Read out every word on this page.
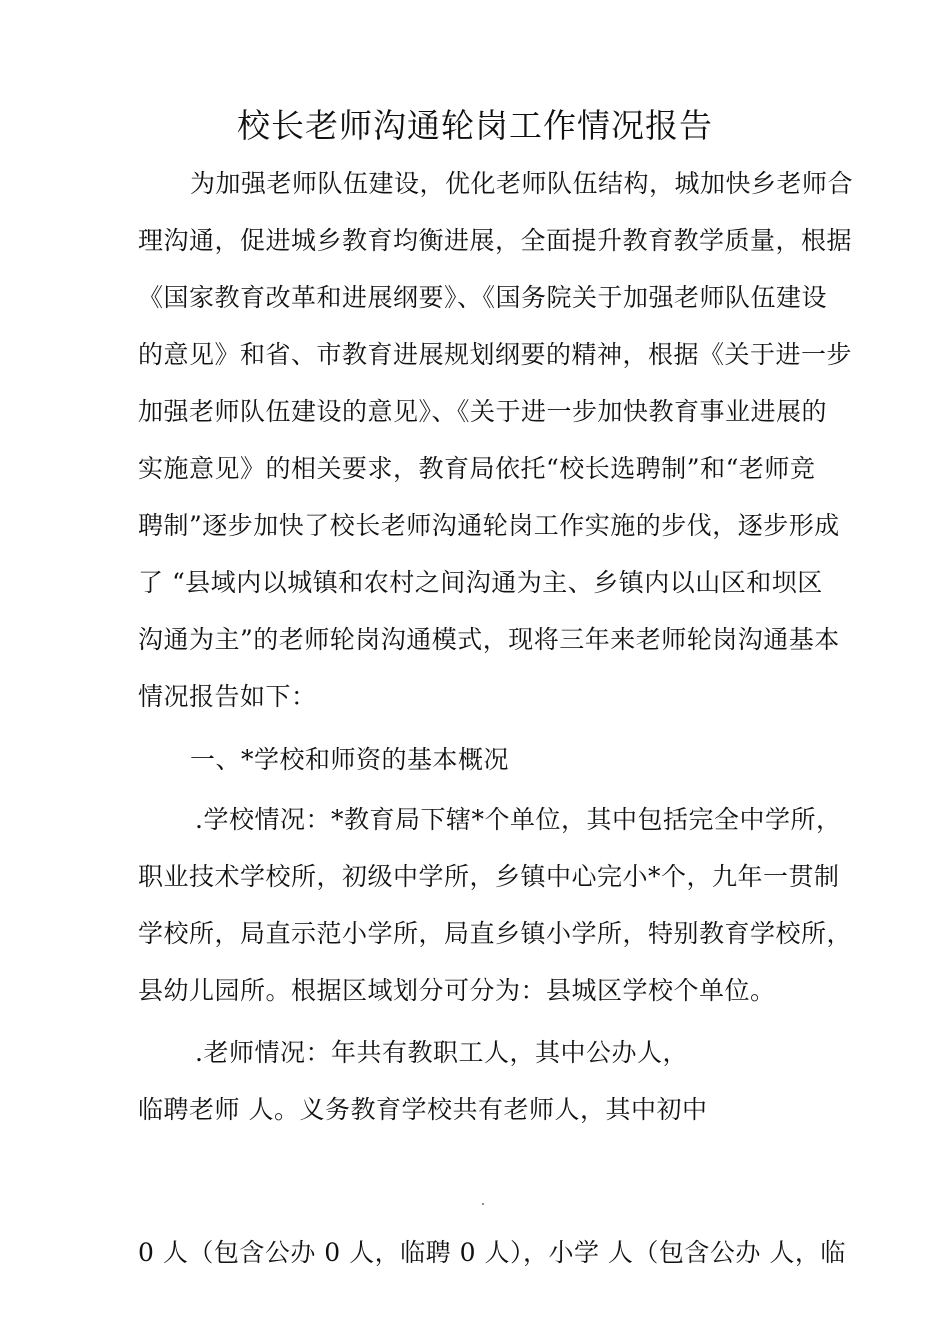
校长老师沟通轮岗工作情况报告
为加强老师队伍建设，优化老师队伍结构，城加快乡老师合
理沟通，促进城乡教育均衡进展，全面提升教育教学质量，根据
《国家教育改革和进展纲要》、《国务院关于加强老师队伍建设
的意见》和省、市教育进展规划纲要的精神，根据《关于进一步
加强老师队伍建设的意见》、《关于进一步加快教育事业进展的
实施意见》的相关要求，教育局依托“校长选聘制”和“老师竞
聘制”逐步加快了校长老师沟通轮岗工作实施的步伐，逐步形成
了 “县域内以城镇和农村之间沟通为主、乡镇内以山区和坝区
沟通为主”的老师轮岗沟通模式，现将三年来老师轮岗沟通基本
情况报告如下：
一、*学校和师资的基本概况
.学校情况：*教育局下辖*个单位，其中包括完全中学所，
职业技术学校所，初级中学所，乡镇中心完小*个，九年一贯制
学校所，局直示范小学所，局直乡镇小学所，特别教育学校所，
县幼儿园所。根据区域划分可分为：县城区学校个单位。
.老师情况：年共有教职工人，其中公办人，
临聘老师 人。义务教育学校共有老师人，其中初中
0 人（包含公办 0 人，临聘 0 人），小学 人（包含公办 人，临
